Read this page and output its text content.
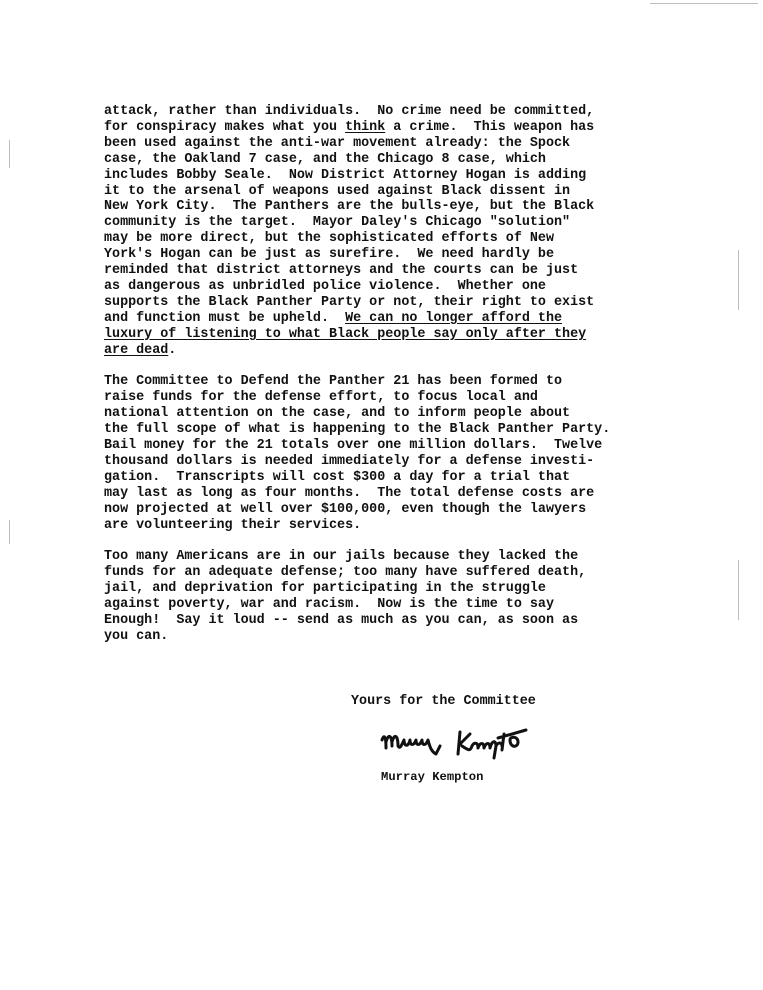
attack, rather than individuals.  No crime need be committed,
for conspiracy makes what you think a crime.  This weapon has
been used against the anti-war movement already: the Spock
case, the Oakland 7 case, and the Chicago 8 case, which
includes Bobby Seale.  Now District Attorney Hogan is adding
it to the arsenal of weapons used against Black dissent in
New York City.  The Panthers are the bulls-eye, but the Black
community is the target.  Mayor Daley's Chicago "solution"
may be more direct, but the sophisticated efforts of New
York's Hogan can be just as surefire.  We need hardly be
reminded that district attorneys and the courts can be just
as dangerous as unbridled police violence.  Whether one
supports the Black Panther Party or not, their right to exist
and function must be upheld.  We can no longer afford the
luxury of listening to what Black people say only after they
are dead.
The Committee to Defend the Panther 21 has been formed to
raise funds for the defense effort, to focus local and
national attention on the case, and to inform people about
the full scope of what is happening to the Black Panther Party.
Bail money for the 21 totals over one million dollars.  Twelve
thousand dollars is needed immediately for a defense investi-
gation.  Transcripts will cost $300 a day for a trial that
may last as long as four months.  The total defense costs are
now projected at well over $100,000, even though the lawyers
are volunteering their services.
Too many Americans are in our jails because they lacked the
funds for an adequate defense; too many have suffered death,
jail, and deprivation for participating in the struggle
against poverty, war and racism.  Now is the time to say
Enough!  Say it loud -- send as much as you can, as soon as
you can.
Yours for the Committee
Murray Kempton
Murray Kempton
